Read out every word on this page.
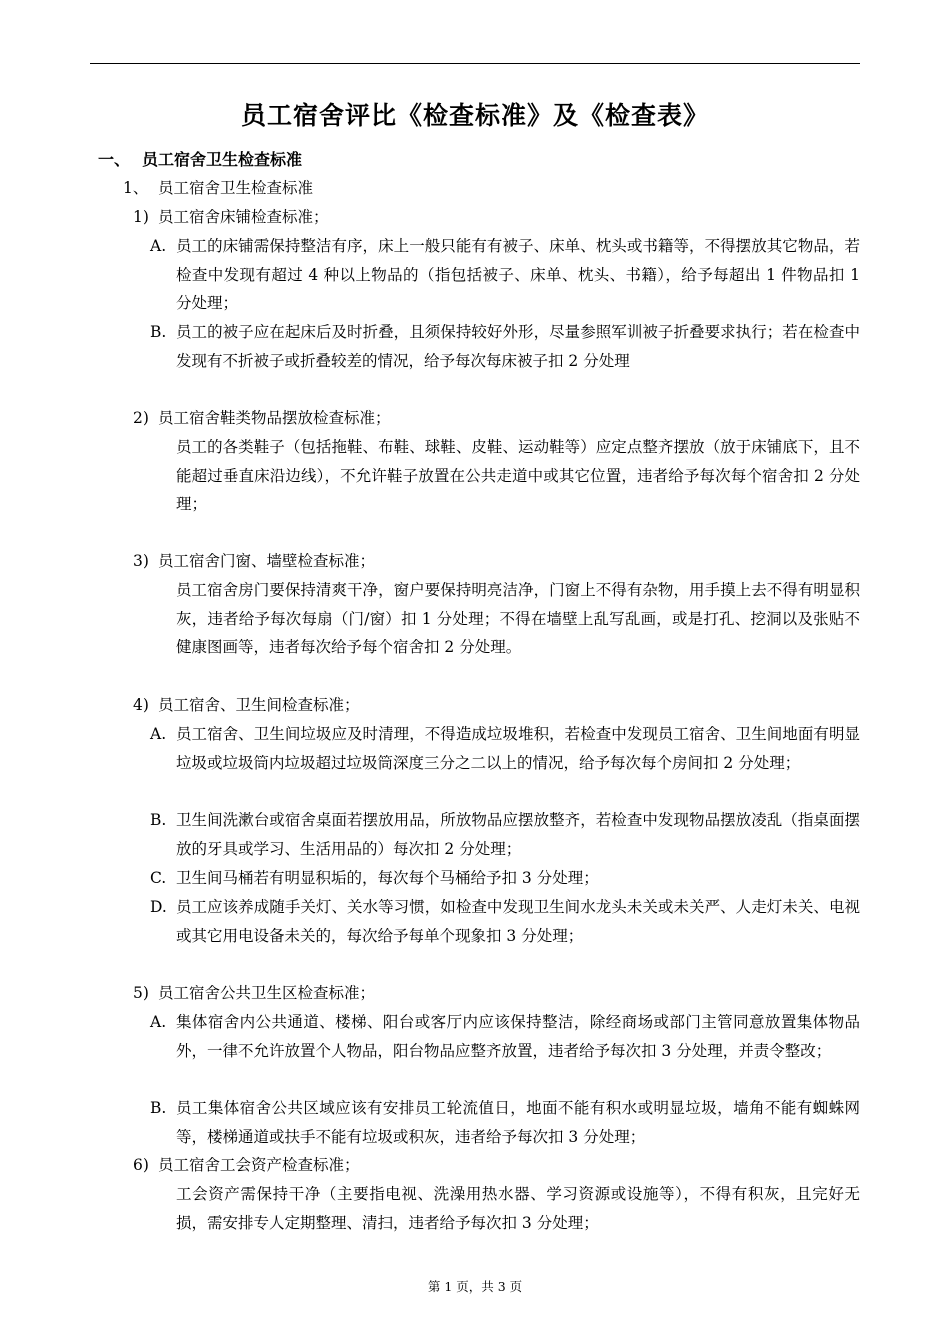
员工宿舍评比《检查标准》及《检查表》
一、 员工宿舍卫生检查标准
1、 员工宿舍卫生检查标准
1) 员工宿舍床铺检查标准；
A. 员工的床铺需保持整洁有序，床上一般只能有有被子、床单、枕头或书籍等，不得摆放其它物品，若检查中发现有超过 4 种以上物品的（指包括被子、床单、枕头、书籍），给予每超出 1 件物品扣 1 分处理；
B. 员工的被子应在起床后及时折叠，且须保持较好外形，尽量参照军训被子折叠要求执行；若在检查中发现有不折被子或折叠较差的情况，给予每次每床被子扣 2 分处理
2) 员工宿舍鞋类物品摆放检查标准；
员工的各类鞋子（包括拖鞋、布鞋、球鞋、皮鞋、运动鞋等）应定点整齐摆放（放于床铺底下，且不能超过垂直床沿边线），不允许鞋子放置在公共走道中或其它位置，违者给予每次每个宿舍扣 2 分处理；
3) 员工宿舍门窗、墙壁检查标准；
员工宿舍房门要保持清爽干净，窗户要保持明亮洁净，门窗上不得有杂物，用手摸上去不得有明显积灰，违者给予每次每扇（门/窗）扣 1 分处理；不得在墙壁上乱写乱画，或是打孔、挖洞以及张贴不健康图画等，违者每次给予每个宿舍扣 2 分处理。
4) 员工宿舍、卫生间检查标准；
A. 员工宿舍、卫生间垃圾应及时清理，不得造成垃圾堆积，若检查中发现员工宿舍、卫生间地面有明显垃圾或垃圾筒内垃圾超过垃圾筒深度三分之二以上的情况，给予每次每个房间扣 2 分处理；
B. 卫生间洗漱台或宿舍桌面若摆放用品，所放物品应摆放整齐，若检查中发现物品摆放凌乱（指桌面摆放的牙具或学习、生活用品的）每次扣 2 分处理；
C. 卫生间马桶若有明显积垢的，每次每个马桶给予扣 3 分处理；
D. 员工应该养成随手关灯、关水等习惯，如检查中发现卫生间水龙头未关或未关严、人走灯未关、电视或其它用电设备未关的，每次给予每单个现象扣 3 分处理；
5) 员工宿舍公共卫生区检查标准；
A. 集体宿舍内公共通道、楼梯、阳台或客厅内应该保持整洁，除经商场或部门主管同意放置集体物品外，一律不允许放置个人物品，阳台物品应整齐放置，违者给予每次扣 3 分处理，并责令整改；
B. 员工集体宿舍公共区域应该有安排员工轮流值日，地面不能有积水或明显垃圾，墙角不能有蜘蛛网等，楼梯通道或扶手不能有垃圾或积灰，违者给予每次扣 3 分处理；
6) 员工宿舍工会资产检查标准；
工会资产需保持干净（主要指电视、洗澡用热水器、学习资源或设施等），不得有积灰，且完好无损，需安排专人定期整理、清扫，违者给予每次扣 3 分处理；
第 1 页，共 3 页
